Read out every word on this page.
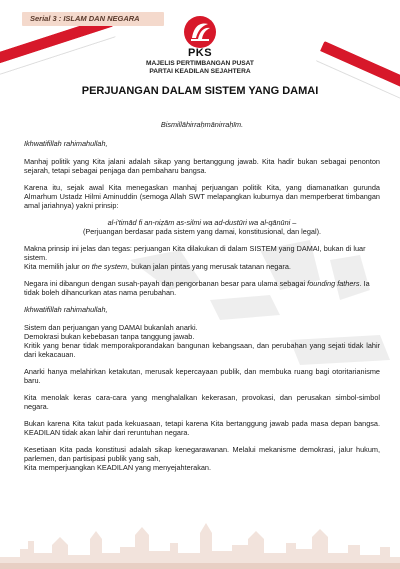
Serial 3 : ISLAM DAN NEGARA
PKS
MAJELIS PERTIMBANGAN PUSAT
PARTAI KEADILAN SEJAHTERA
PERJUANGAN DALAM SISTEM YANG DAMAI

Bismillāhirraḥmānirraḥīm.

Ikhwatifillah rahimahullah,

Manhaj politik yang Kita jalani adalah sikap yang bertanggung jawab. Kita hadir bukan sebagai penonton sejarah, tetapi sebagai penjaga dan pembaharu bangsa.

Karena itu, sejak awal Kita menegaskan manhaj perjuangan politik Kita, yang diamanatkan gurunda Almarhum Ustadz Hilmi Aminuddin (semoga Allah SWT melapangkan kuburnya dan memperberat timbangan amal jariahnya) yakni prinsip:

al-i'timād fi an-niẓām as-silmi wa ad-dustūri wa al-qānūni –

(Perjuangan berdasar pada sistem yang damai, konstitusional, dan legal).

Makna prinsip ini jelas dan tegas: perjuangan Kita dilakukan di dalam SISTEM yang DAMAI, bukan di luar sistem.
Kita memilih jalur on the system, bukan jalan pintas yang merusak tatanan negara.

Negara ini dibangun dengan susah-payah dan pengorbanan besar para ulama sebagai founding fathers. Ia tidak boleh dihancurkan atas nama perubahan.

Ikhwatifillah rahimahullah,

Sistem dan perjuangan yang DAMAI bukanlah anarki.
Demokrasi bukan kebebasan tanpa tanggung jawab.
Kritik yang benar tidak memporakporandakan bangunan kebangsaan, dan perubahan yang sejati tidak lahir dari kekacauan.

Anarki hanya melahirkan ketakutan, merusak kepercayaan publik, dan membuka ruang bagi otoritarianisme baru.

Kita menolak keras cara-cara yang menghalalkan kekerasan, provokasi, dan perusakan simbol-simbol negara.

Bukan karena Kita takut pada kekuasaan, tetapi karena Kita bertanggung jawab pada masa depan bangsa. KEADILAN tidak akan lahir dari reruntuhan negara.

Kesetiaan Kita pada konstitusi adalah sikap kenegarawanan. Melalui mekanisme demokrasi, jalur hukum, parlemen, dan partisipasi publik yang sah,
Kita memperjuangkan KEADILAN yang menyejahterakan.
